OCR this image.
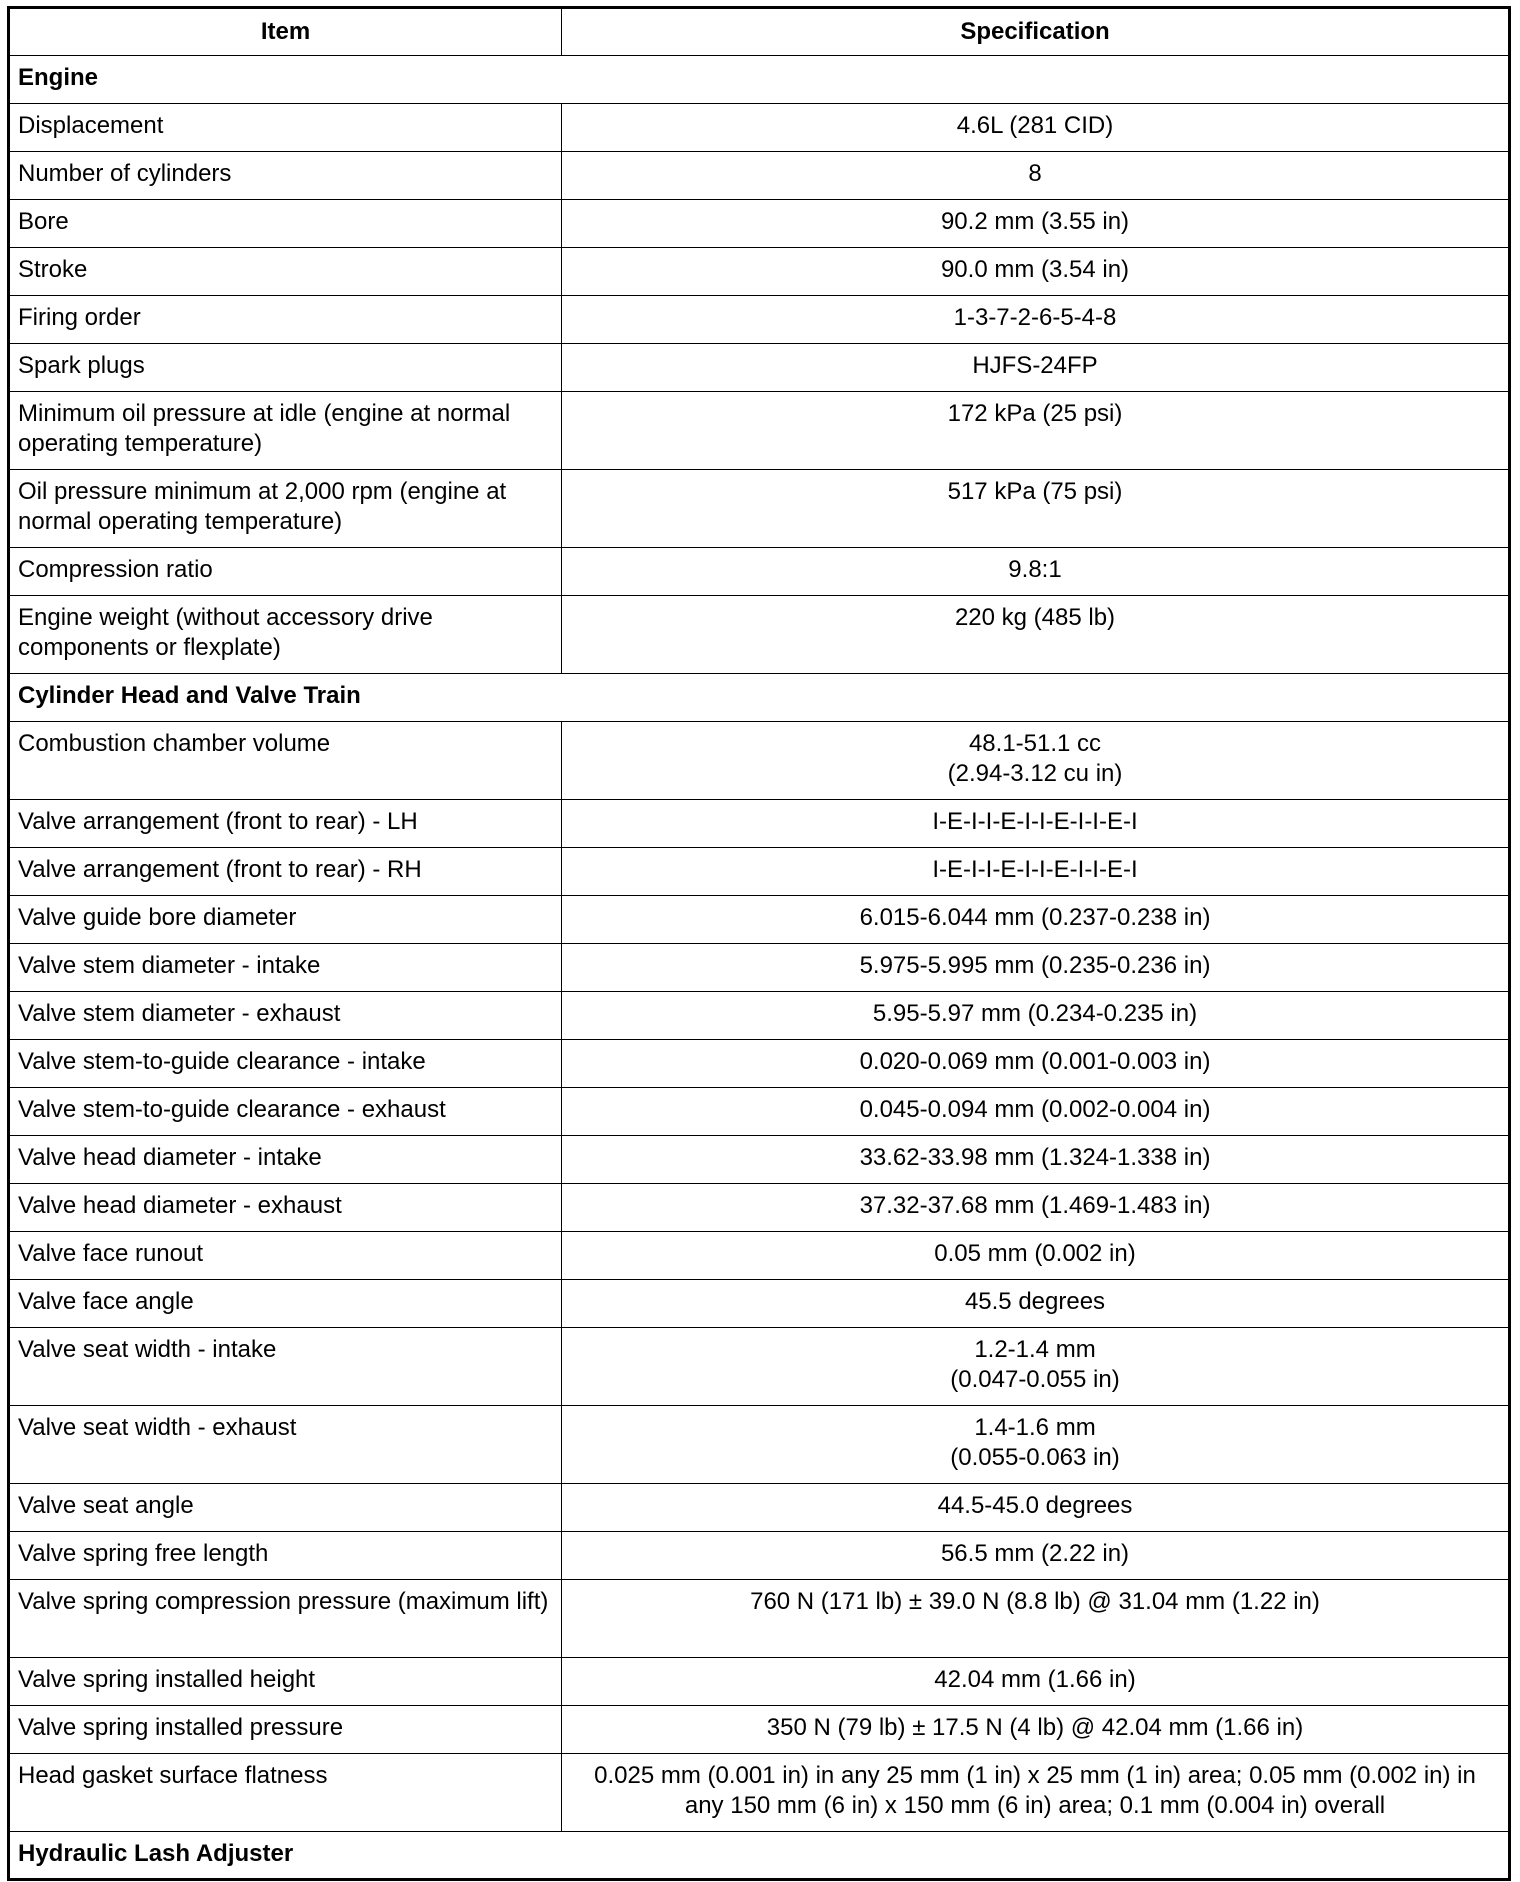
Item	Specification
Engine	
Displacement	4.6L (281 CID)

Number of cylinders	8

Bore	90.2 mm (3.55 in)

Stroke	90.0 mm (3.54 in)

Firing order	1-3-7-2-6-5-4-8

Spark plugs	HJFS-24FP

Minimum oil pressure at idle (engine at normal operating temperature)	172 kPa (25 psi)

Oil pressure minimum at 2,000 rpm (engine at normal operating temperature)	517 kPa (75 psi)

Compression ratio	9.8:1

Engine weight (without accessory drive components or flexplate)	220 kg (485 lb)

Cylinder Head and Valve Train	
Combustion chamber volume	48.1-51.1 cc
(2.94-3.12 cu in)

Valve arrangement (front to rear) - LH	I-E-I-I-E-I-I-E-I-I-E-I

Valve arrangement (front to rear) - RH	I-E-I-I-E-I-I-E-I-I-E-I

Valve guide bore diameter	6.015-6.044 mm (0.237-0.238 in)

Valve stem diameter - intake	5.975-5.995 mm (0.235-0.236 in)

Valve stem diameter - exhaust	5.95-5.97 mm (0.234-0.235 in)

Valve stem-to-guide clearance - intake	0.020-0.069 mm (0.001-0.003 in)

Valve stem-to-guide clearance - exhaust	0.045-0.094 mm (0.002-0.004 in)

Valve head diameter - intake	33.62-33.98 mm (1.324-1.338 in)

Valve head diameter - exhaust	37.32-37.68 mm (1.469-1.483 in)

Valve face runout	0.05 mm (0.002 in)

Valve face angle	45.5 degrees

Valve seat width - intake	1.2-1.4 mm
(0.047-0.055 in)

Valve seat width - exhaust	1.4-1.6 mm
(0.055-0.063 in)

Valve seat angle	44.5-45.0 degrees

Valve spring free length	56.5 mm (2.22 in)

Valve spring compression pressure (maximum lift)	760 N (171 lb) ± 39.0 N (8.8 lb) @ 31.04 mm (1.22 in)

Valve spring installed height	42.04 mm (1.66 in)

Valve spring installed pressure	350 N (79 lb) ± 17.5 N (4 lb) @ 42.04 mm (1.66 in)

Head gasket surface flatness	0.025 mm (0.001 in) in any 25 mm (1 in) x 25 mm (1 in) area; 0.05 mm (0.002 in) in
any 150 mm (6 in) x 150 mm (6 in) area; 0.1 mm (0.004 in) overall

Hydraulic Lash Adjuster	
